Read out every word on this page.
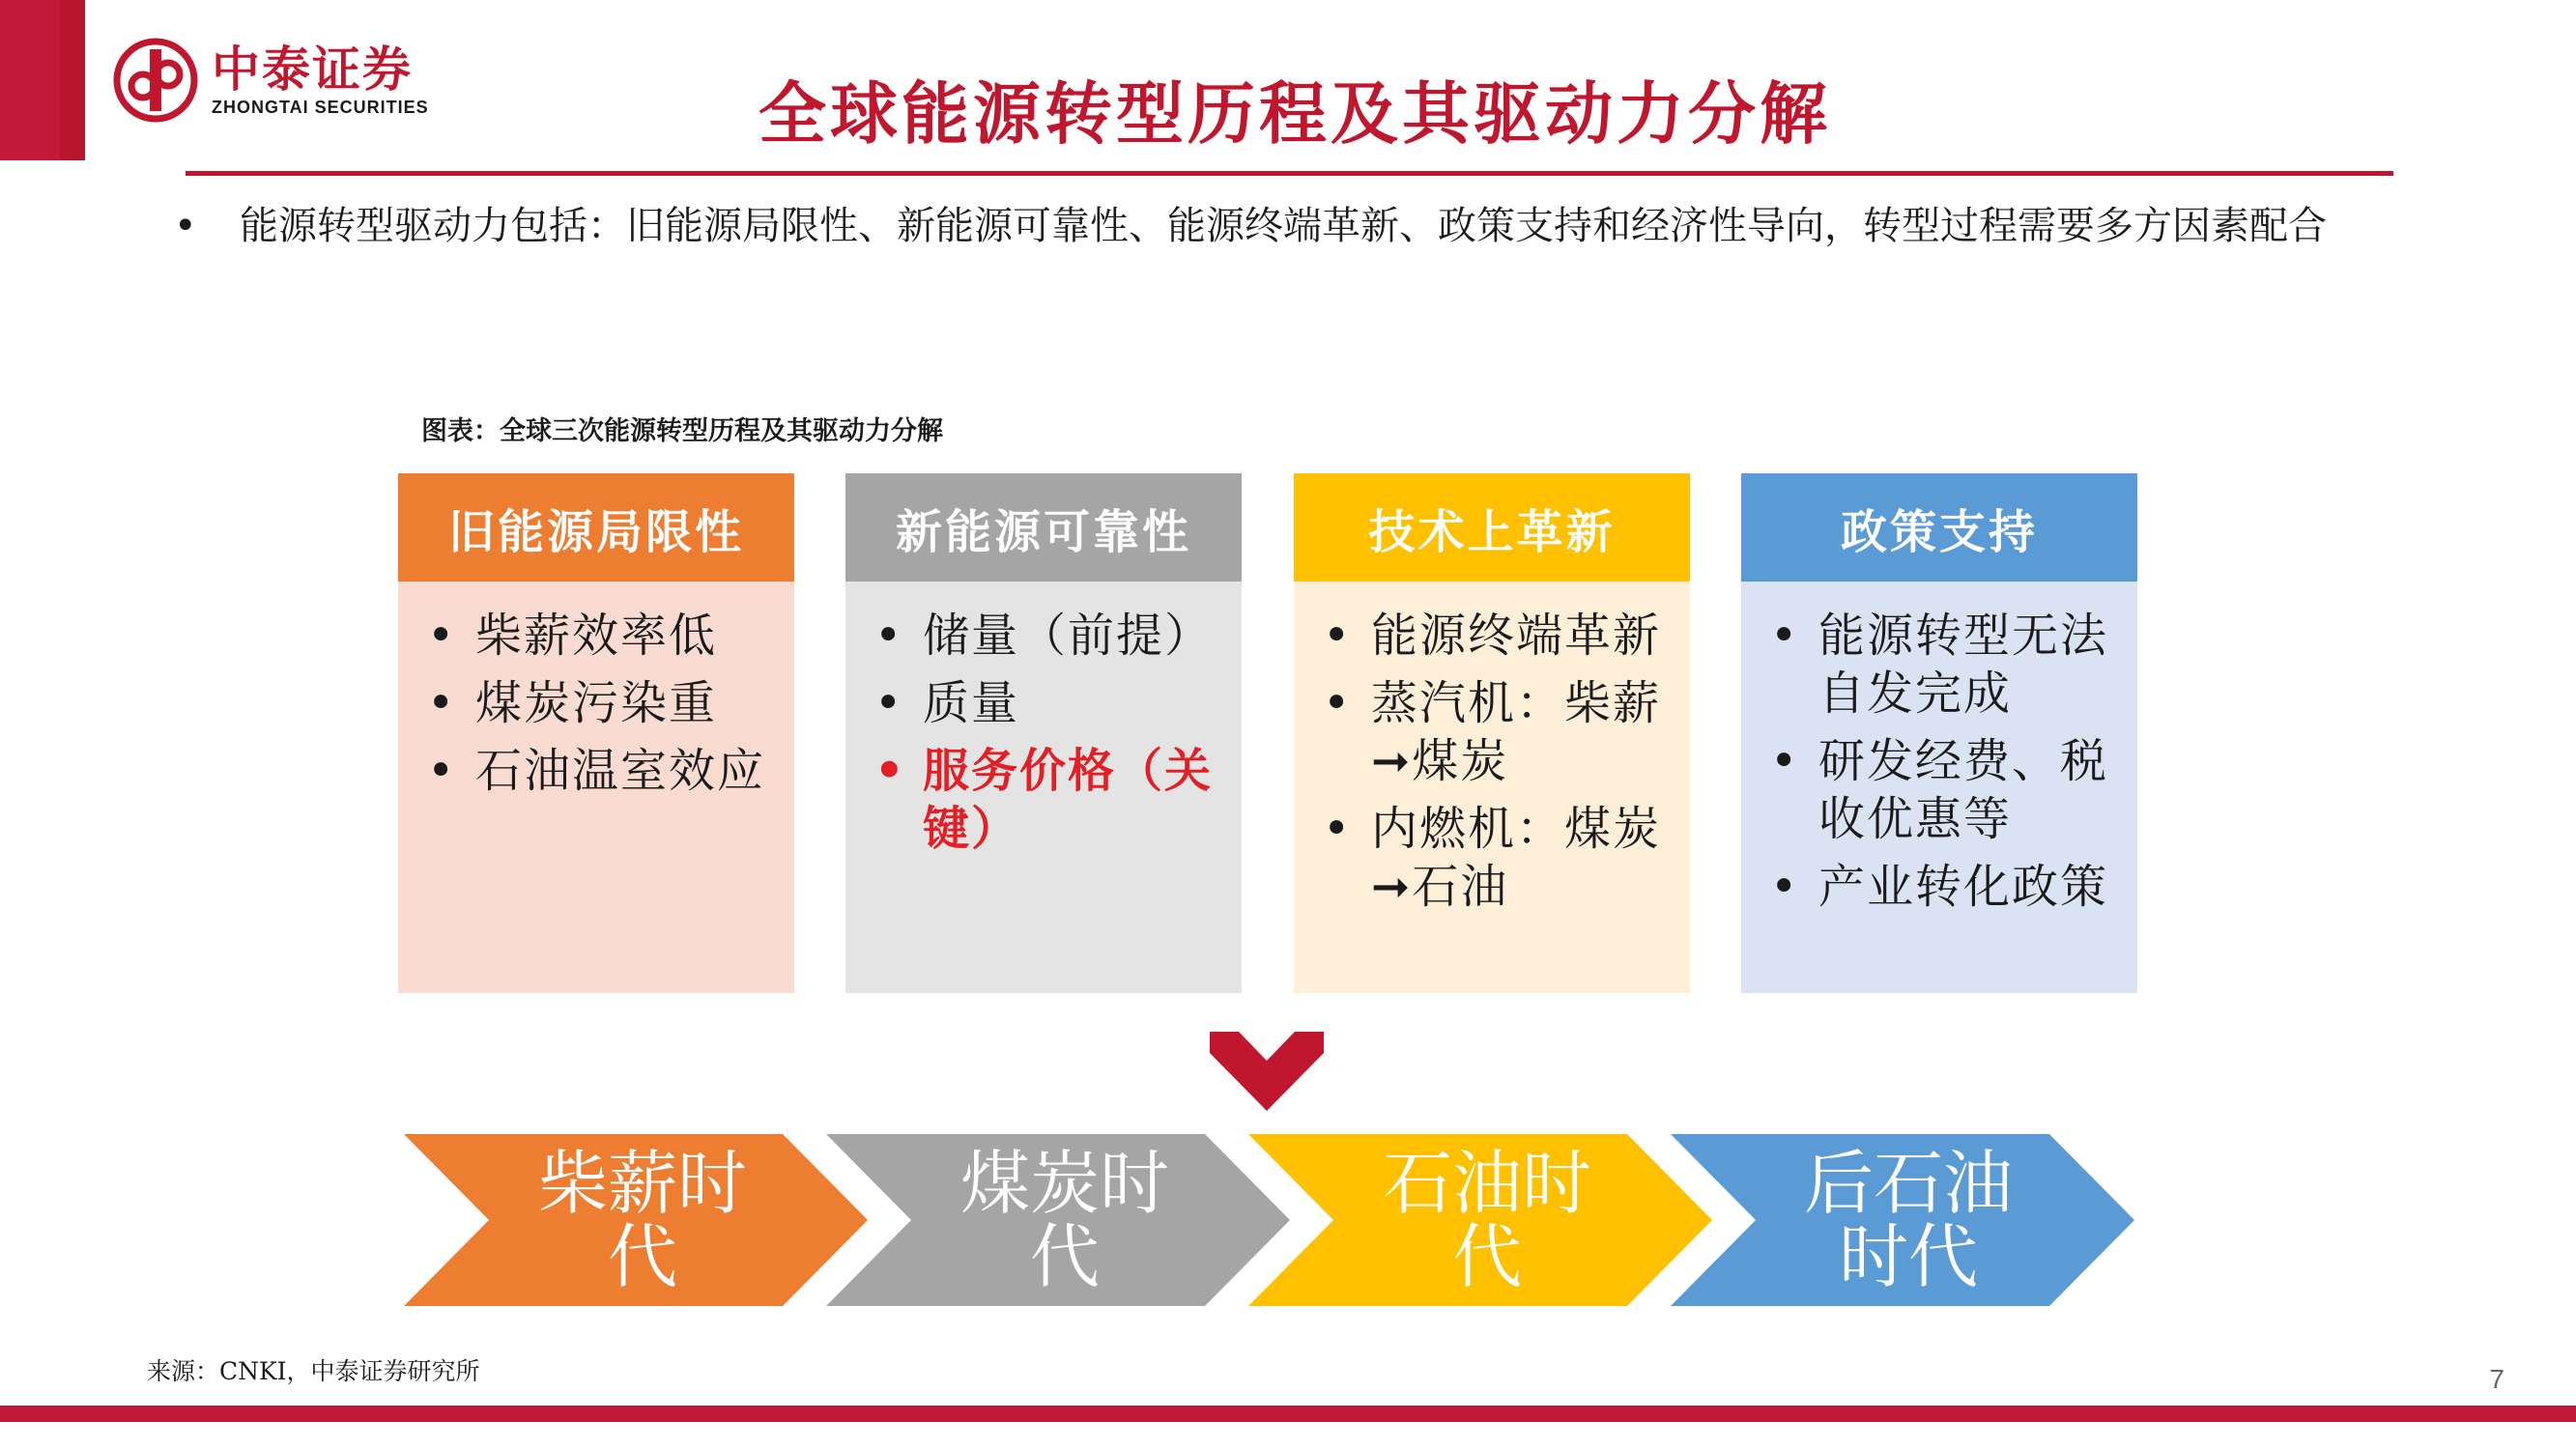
中泰证券
ZHONGTAI SECURITIES	全球能源转型历程及其驱动力分解
• 能源转型驱动力包括：旧能源局限性、新能源可靠性、能源终端革新、政策支持和经济性导向，转型过程需要多方因素配合
图表：全球三次能源转型历程及其驱动力分解
旧能源局限性
• 柴薪效率低
• 煤炭污染重
• 石油温室效应
新能源可靠性
• 储量（前提）
• 质量
• 服务价格（关键）
技术上革新
• 能源终端革新
• 蒸汽机：柴薪➞煤炭
• 内燃机：煤炭➞石油
政策支持
• 能源转型无法自发完成
• 研发经费、税收优惠等
• 产业转化政策
柴薪时代
煤炭时代
石油时代
后石油时代
来源：CNKI，中泰证券研究所	7
